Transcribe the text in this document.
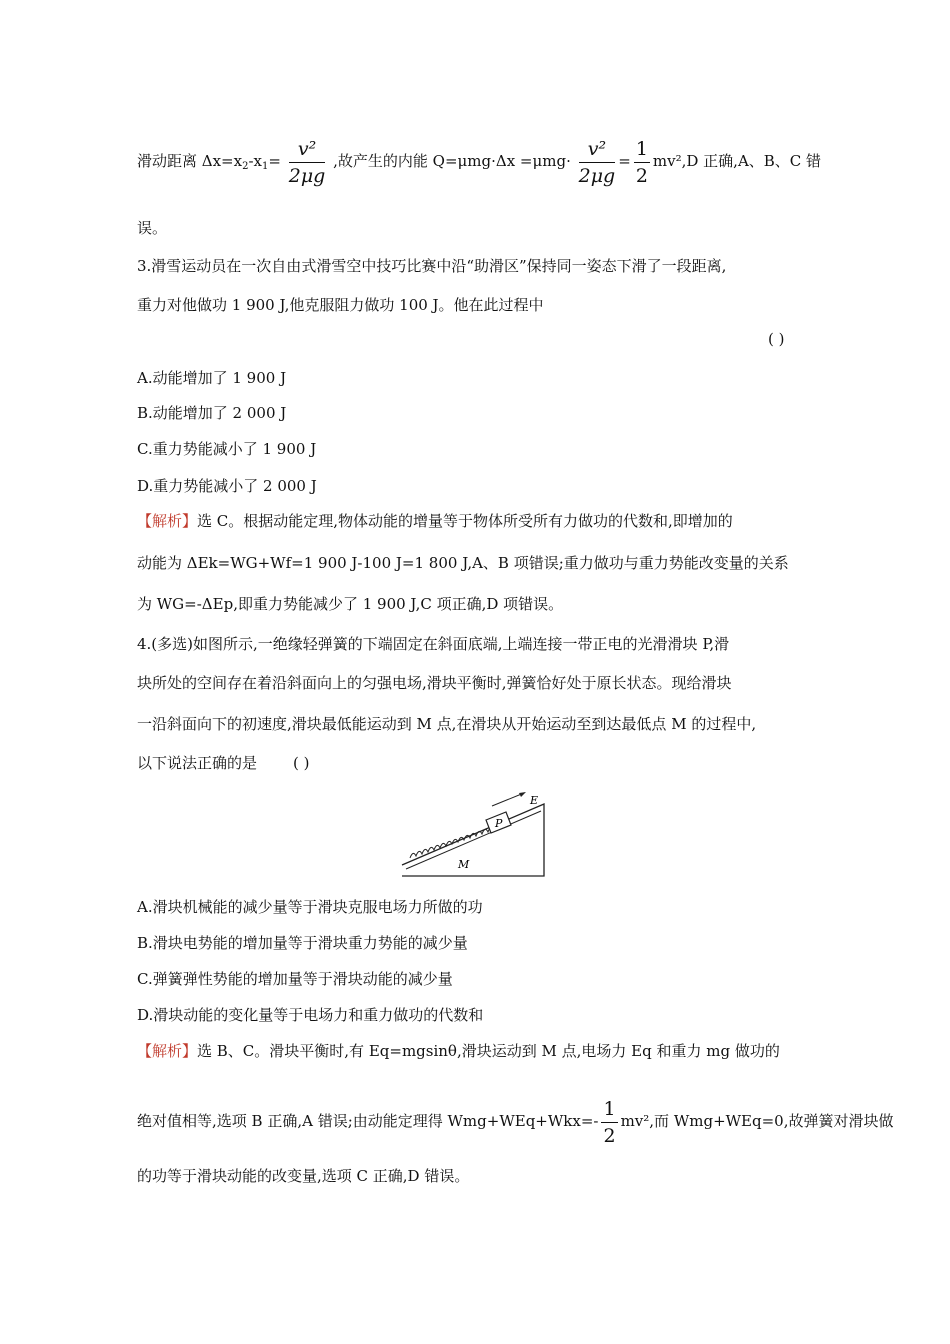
滑动距离 $\Delta x=x_2-x_1= \frac{\text{v²}}{2\mu g}$ ,故产生的内能 $Q=\mu mg\cdot\Delta x =\mu mg\cdot \frac{\text{v²}}{2\mu g} = \frac{1}{2} mv^2,D$ 正确,A、B、C 错
误。
3.滑雪运动员在一次自由式滑雪空中技巧比赛中沿“助滑区”保持同一姿态下滑了一段距离,
重力对他做功 1 900 J,他克服阻力做功 100 J。他在此过程中
( )
A.动能增加了 1 900 J
B.动能增加了 2 000 J
C.重力势能减小了 1 900 J
D.重力势能减小了 2 000 J
【解析】选 C。根据动能定理,物体动能的增量等于物体所受所有力做功的代数和,即增加的
动能为 ΔEk=WG+Wf=1 900 J-100 J=1 800 J,A、B 项错误;重力做功与重力势能改变量的关系
为 WG=-ΔEp,即重力势能减少了 1 900 J,C 项正确,D 项错误。
4.(多选)如图所示,一绝缘轻弹簧的下端固定在斜面底端,上端连接一带正电的光滑滑块 P,滑
块所处的空间存在着沿斜面向上的匀强电场,滑块平衡时,弹簧恰好处于原长状态。现给滑块
一沿斜面向下的初速度,滑块最低能运动到 M 点,在滑块从开始运动至到达最低点 M 的过程中,
以下说法正确的是 ( )
P
E
M
A.滑块机械能的减少量等于滑块克服电场力所做的功
B.滑块电势能的增加量等于滑块重力势能的减少量
C.弹簧弹性势能的增加量等于滑块动能的减少量
D.滑块动能的变化量等于电场力和重力做功的代数和
【解析】选 B、C。滑块平衡时,有 Eq=mgsinθ,滑块运动到 M 点,电场力 Eq 和重力 mg 做功的
绝对值相等,选项 B 正确,A 错误;由动能定理得 $Wmg+WEq+Wkx=- \frac{1}{2} mv^2$,而 Wmg+WEq=0,故弹簧对滑块做
的功等于滑块动能的改变量,选项 C 正确,D 错误。
